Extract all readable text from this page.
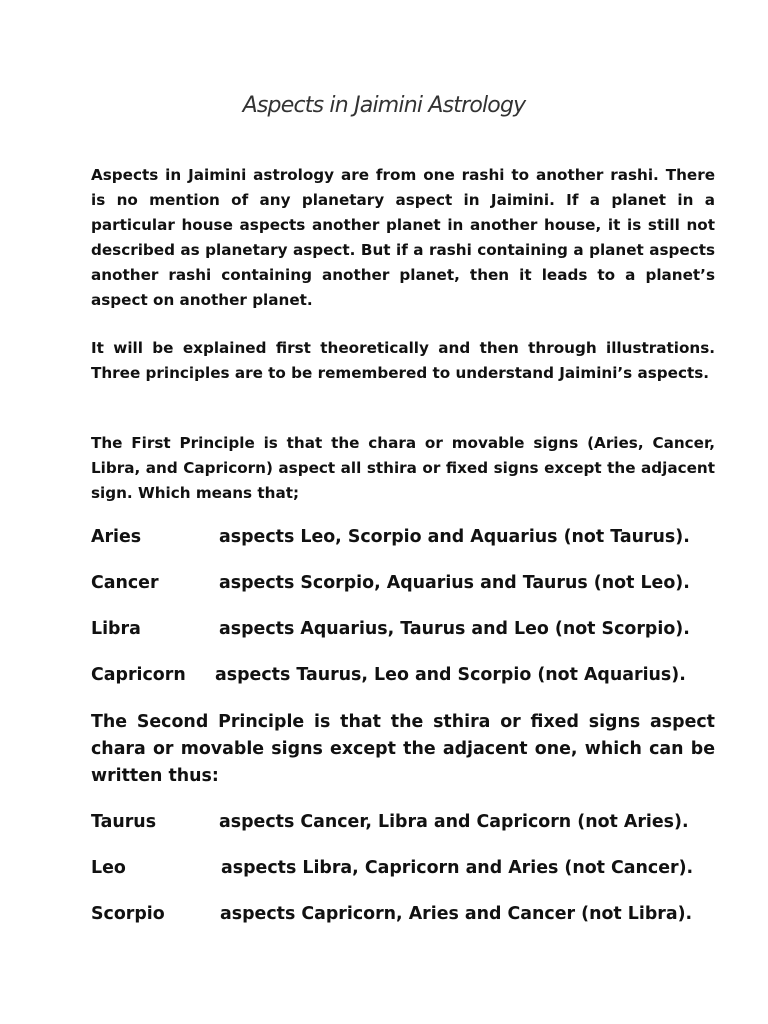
Aspects in Jaimini Astrology
Aspects in Jaimini astrology are from one rashi to another rashi. There is no mention of any planetary aspect in Jaimini. If a planet in a particular house aspects another planet in another house, it is still not described as planetary aspect. But if a rashi containing a planet aspects another rashi containing another planet, then it leads to a planet’s aspect on another planet.
It will be explained first theoretically and then through illustrations. Three principles are to be remembered to understand Jaimini’s aspects.
The First Principle is that the chara or movable signs (Aries, Cancer, Libra, and Capricorn) aspect all sthira or fixed signs except the adjacent sign. Which means that;
Aries	aspects Leo, Scorpio and Aquarius (not Taurus).
Cancer	aspects Scorpio, Aquarius and Taurus (not Leo).
Libra	aspects Aquarius, Taurus and Leo (not Scorpio).
Capricorn aspects Taurus, Leo and Scorpio (not Aquarius).
The Second Principle is that the sthira or fixed signs aspect chara or movable signs except the adjacent one, which can be written thus:
Taurus	aspects Cancer, Libra and Capricorn (not Aries).
Leo	aspects Libra, Capricorn and Aries (not Cancer).
Scorpio	aspects Capricorn, Aries and Cancer (not Libra).
